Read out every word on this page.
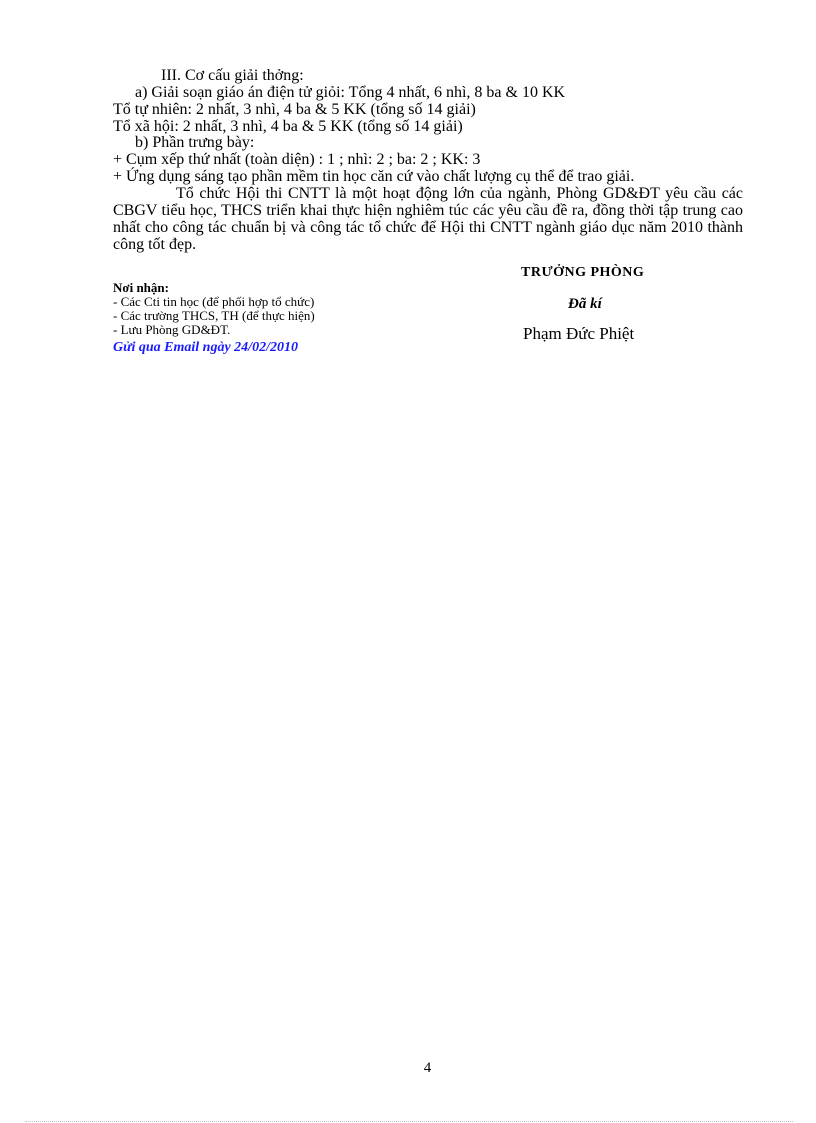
III. Cơ cấu giải thởng:
a) Giải soạn giáo án điện tử giỏi: Tổng 4 nhất, 6 nhì, 8 ba & 10 KK
Tổ tự nhiên: 2 nhất, 3 nhì, 4 ba & 5 KK (tổng số 14 giải)
Tổ xã hội: 2 nhất, 3 nhì, 4 ba & 5 KK (tổng số 14 giải)
b) Phần trưng bày:
+ Cụm xếp thứ nhất (toàn diện) : 1 ; nhì: 2 ; ba: 2 ; KK: 3
+ Ứng dụng sáng tạo phần mềm tin học căn cứ vào chất lượng cụ thể để trao giải.
Tổ chức Hội thi CNTT là một hoạt động lớn của ngành, Phòng GD&ĐT yêu cầu các CBGV tiểu học, THCS triển khai thực hiện nghiêm túc các yêu cầu đề ra, đồng thời tập trung cao nhất cho công tác chuẩn bị và công tác tổ chức để Hội thi CNTT ngành giáo dục năm 2010 thành công tốt đẹp.
Nơi nhận:
- Các Cti tin học (để phối hợp tổ chức)
- Các trường THCS, TH (để thực hiện)
- Lưu Phòng GD&ĐT.
Gửi qua Email ngày 24/02/2010
TRƯỞNG PHÒNG
Đã kí
Phạm Đức Phiệt
4
